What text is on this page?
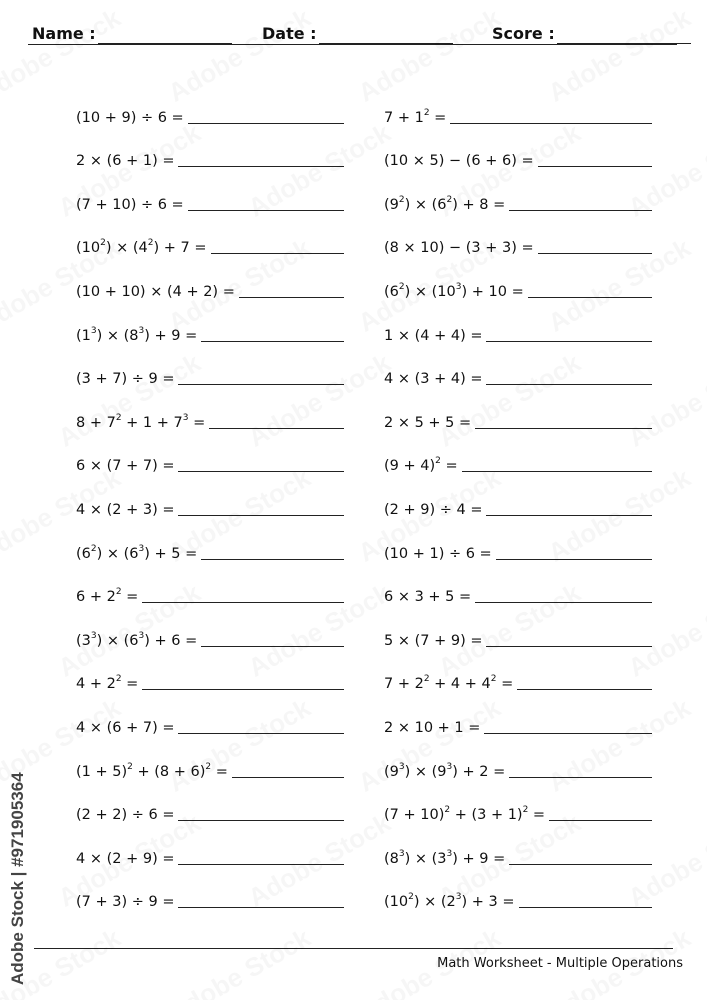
Name :	Date :	Score :
(10 + 9) ÷ 6 =
2 × (6 + 1) =
(7 + 10) ÷ 6 =
$(10^2) \times (4^2) + 7$ =
(10 + 10) × (4 + 2) =
$(1^3) \times (8^3) + 9$ =
(3 + 7) ÷ 9 =
$8 + 7^2 + 1 + 7^3$ =
6 × (7 + 7) =
4 × (2 + 3) =
$(6^2) \times (6^3) + 5$ =
$6 + 2^2$ =
$(3^3) \times (6^3) + 6$ =
$4 + 2^2$ =
4 × (6 + 7) =
$(1 + 5)^2 + (8 + 6)^2$ =
(2 + 2) ÷ 6 =
4 × (2 + 9) =
(7 + 3) ÷ 9 =
$7 + 1^2$ =
(10 × 5) − (6 + 6) =
$(9^2) \times (6^2) + 8$ =
(8 × 10) − (3 + 3) =
$(6^2) \times (10^3) + 10$ =
1 × (4 + 4) =
4 × (3 + 4) =
2 × 5 + 5 =
$(9 + 4)^2$ =
(2 + 9) ÷ 4 =
(10 + 1) ÷ 6 =
6 × 3 + 5 =
5 × (7 + 9) =
$7 + 2^2 + 4 + 4^2$ =
2 × 10 + 1 =
$(9^3) \times (9^3) + 2$ =
$(7 + 10)^2 + (3 + 1)^2$ =
$(8^3) \times (3^3) + 9$ =
$(10^2) \times (2^3) + 3$ =
Math Worksheet - Multiple Operations
Adobe Stock | #971905364
